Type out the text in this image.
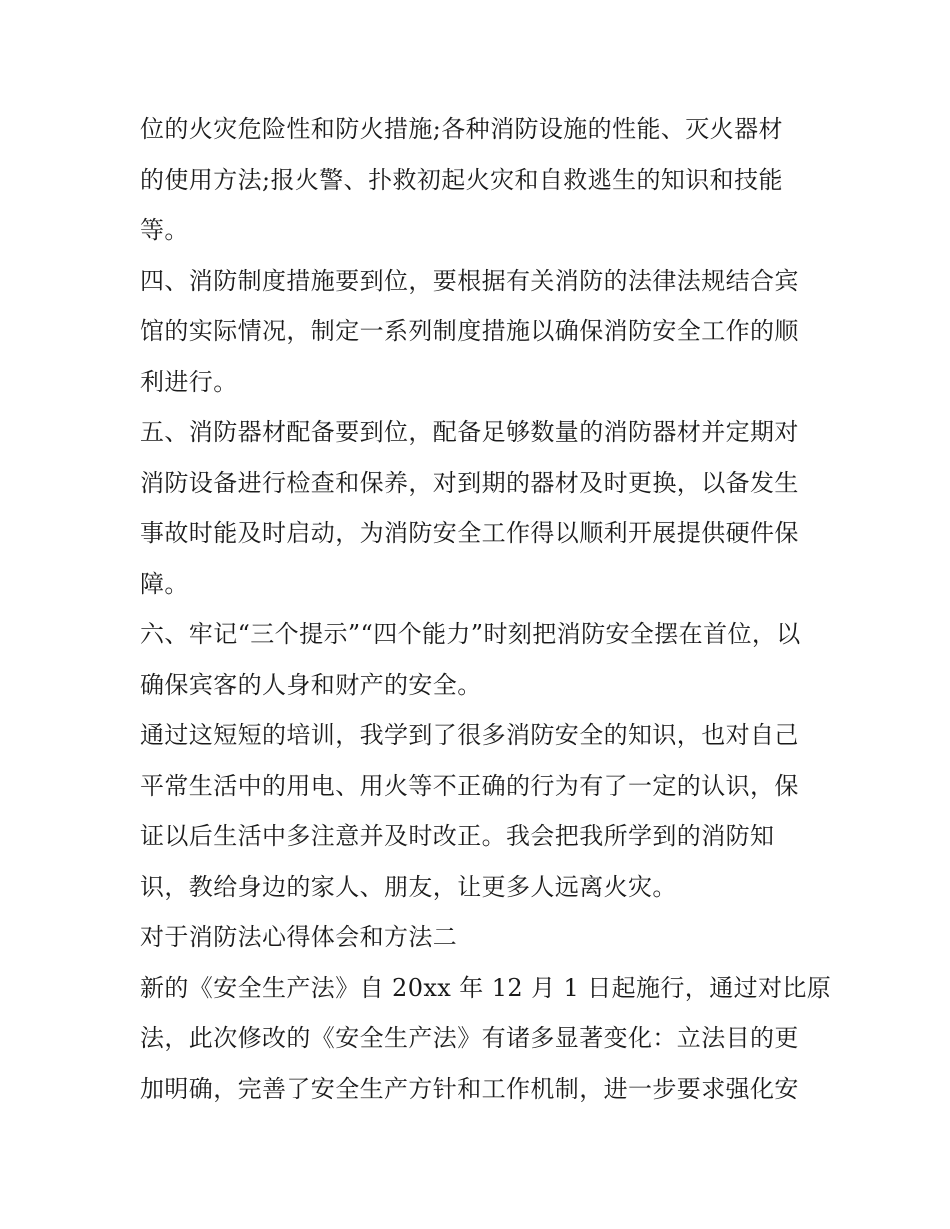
位的火灾危险性和防火措施;各种消防设施的性能、灭火器材
的使用方法;报火警、扑救初起火灾和自救逃生的知识和技能
等。
四、消防制度措施要到位，要根据有关消防的法律法规结合宾
馆的实际情况，制定一系列制度措施以确保消防安全工作的顺
利进行。
五、消防器材配备要到位，配备足够数量的消防器材并定期对
消防设备进行检查和保养，对到期的器材及时更换，以备发生
事故时能及时启动，为消防安全工作得以顺利开展提供硬件保
障。
六、牢记“三个提示”“四个能力”时刻把消防安全摆在首位，以
确保宾客的人身和财产的安全。
通过这短短的培训，我学到了很多消防安全的知识，也对自己
平常生活中的用电、用火等不正确的行为有了一定的认识，保
证以后生活中多注意并及时改正。我会把我所学到的消防知
识，教给身边的家人、朋友，让更多人远离火灾。
对于消防法心得体会和方法二
新的《安全生产法》自 20xx 年 12 月 1 日起施行，通过对比原
法，此次修改的《安全生产法》有诸多显著变化：立法目的更
加明确，完善了安全生产方针和工作机制，进一步要求强化安
